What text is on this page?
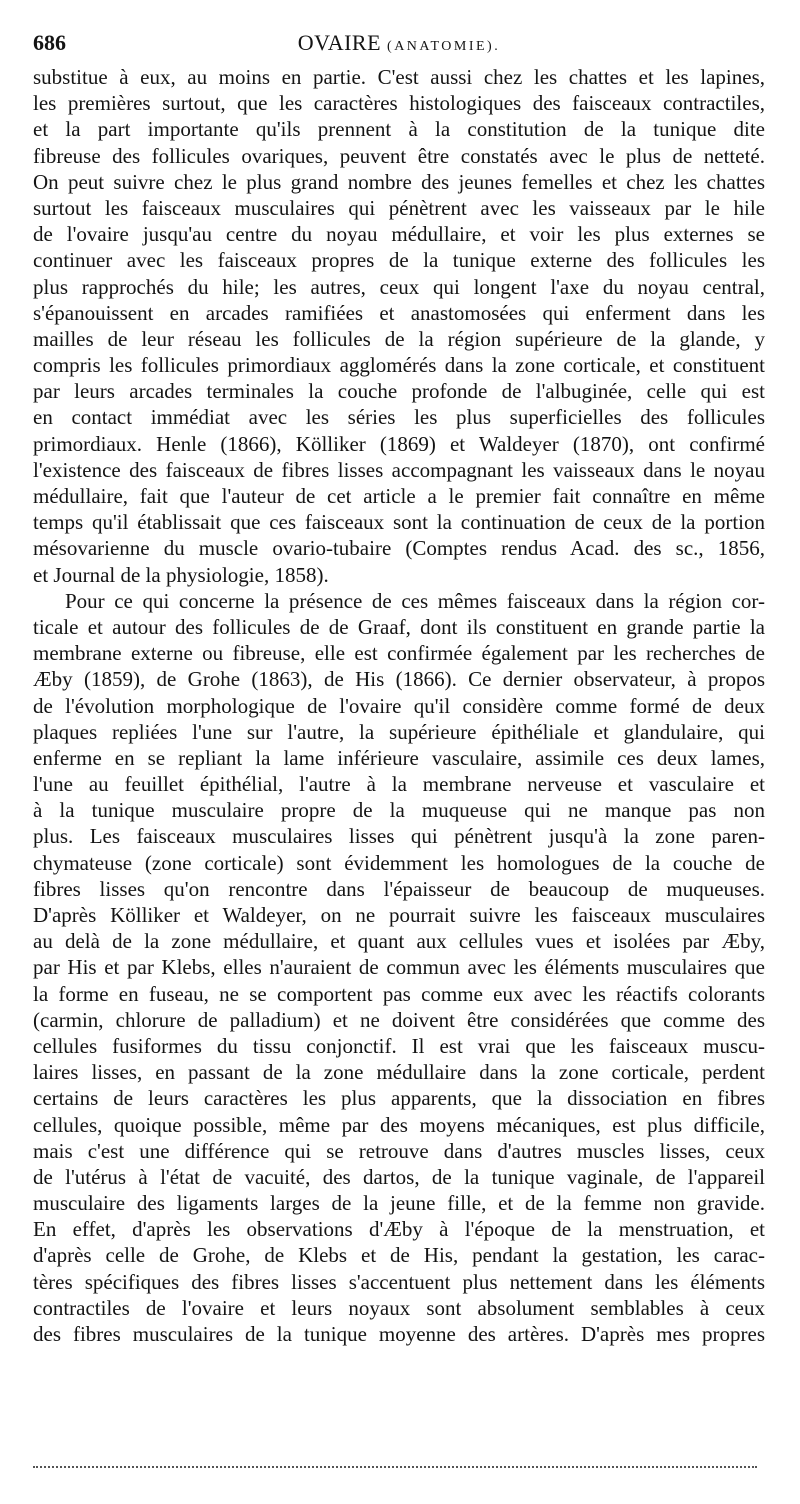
686	OVAIRE (ANATOMIE).
substitue à eux, au moins en partie. C'est aussi chez les chattes et les lapines,
les premières surtout, que les caractères histologiques des faisceaux contractiles,
et la part importante qu'ils prennent à la constitution de la tunique dite
fibreuse des follicules ovariques, peuvent être constatés avec le plus de netteté.
On peut suivre chez le plus grand nombre des jeunes femelles et chez les chattes
surtout les faisceaux musculaires qui pénètrent avec les vaisseaux par le hile
de l'ovaire jusqu'au centre du noyau médullaire, et voir les plus externes se
continuer avec les faisceaux propres de la tunique externe des follicules les
plus rapprochés du hile; les autres, ceux qui longent l'axe du noyau central,
s'épanouissent en arcades ramifiées et anastomosées qui enferment dans les
mailles de leur réseau les follicules de la région supérieure de la glande, y
compris les follicules primordiaux agglomérés dans la zone corticale, et constituent
par leurs arcades terminales la couche profonde de l'albuginée, celle qui est
en contact immédiat avec les séries les plus superficielles des follicules
primordiaux. Henle (1866), Kölliker (1869) et Waldeyer (1870), ont confirmé
l'existence des faisceaux de fibres lisses accompagnant les vaisseaux dans le noyau
médullaire, fait que l'auteur de cet article a le premier fait connaître en même
temps qu'il établissait que ces faisceaux sont la continuation de ceux de la portion
mésovarienne du muscle ovario-tubaire (Comptes rendus Acad. des sc., 1856,
et Journal de la physiologie, 1858).
Pour ce qui concerne la présence de ces mêmes faisceaux dans la région cor-
ticale et autour des follicules de de Graaf, dont ils constituent en grande partie la
membrane externe ou fibreuse, elle est confirmée également par les recherches de
Æby (1859), de Grohe (1863), de His (1866). Ce dernier observateur, à propos
de l'évolution morphologique de l'ovaire qu'il considère comme formé de deux
plaques repliées l'une sur l'autre, la supérieure épithéliale et glandulaire, qui
enferme en se repliant la lame inférieure vasculaire, assimile ces deux lames,
l'une au feuillet épithélial, l'autre à la membrane nerveuse et vasculaire et
à la tunique musculaire propre de la muqueuse qui ne manque pas non
plus. Les faisceaux musculaires lisses qui pénètrent jusqu'à la zone paren-
chymateuse (zone corticale) sont évidemment les homologues de la couche de
fibres lisses qu'on rencontre dans l'épaisseur de beaucoup de muqueuses.
D'après Kölliker et Waldeyer, on ne pourrait suivre les faisceaux musculaires
au delà de la zone médullaire, et quant aux cellules vues et isolées par Æby,
par His et par Klebs, elles n'auraient de commun avec les éléments musculaires que
la forme en fuseau, ne se comportent pas comme eux avec les réactifs colorants
(carmin, chlorure de palladium) et ne doivent être considérées que comme des
cellules fusiformes du tissu conjonctif. Il est vrai que les faisceaux muscu-
laires lisses, en passant de la zone médullaire dans la zone corticale, perdent
certains de leurs caractères les plus apparents, que la dissociation en fibres
cellules, quoique possible, même par des moyens mécaniques, est plus difficile,
mais c'est une différence qui se retrouve dans d'autres muscles lisses, ceux
de l'utérus à l'état de vacuité, des dartos, de la tunique vaginale, de l'appareil
musculaire des ligaments larges de la jeune fille, et de la femme non gravide.
En effet, d'après les observations d'Æby à l'époque de la menstruation, et
d'après celle de Grohe, de Klebs et de His, pendant la gestation, les carac-
tères spécifiques des fibres lisses s'accentuent plus nettement dans les éléments
contractiles de l'ovaire et leurs noyaux sont absolument semblables à ceux
des fibres musculaires de la tunique moyenne des artères. D'après mes propres
